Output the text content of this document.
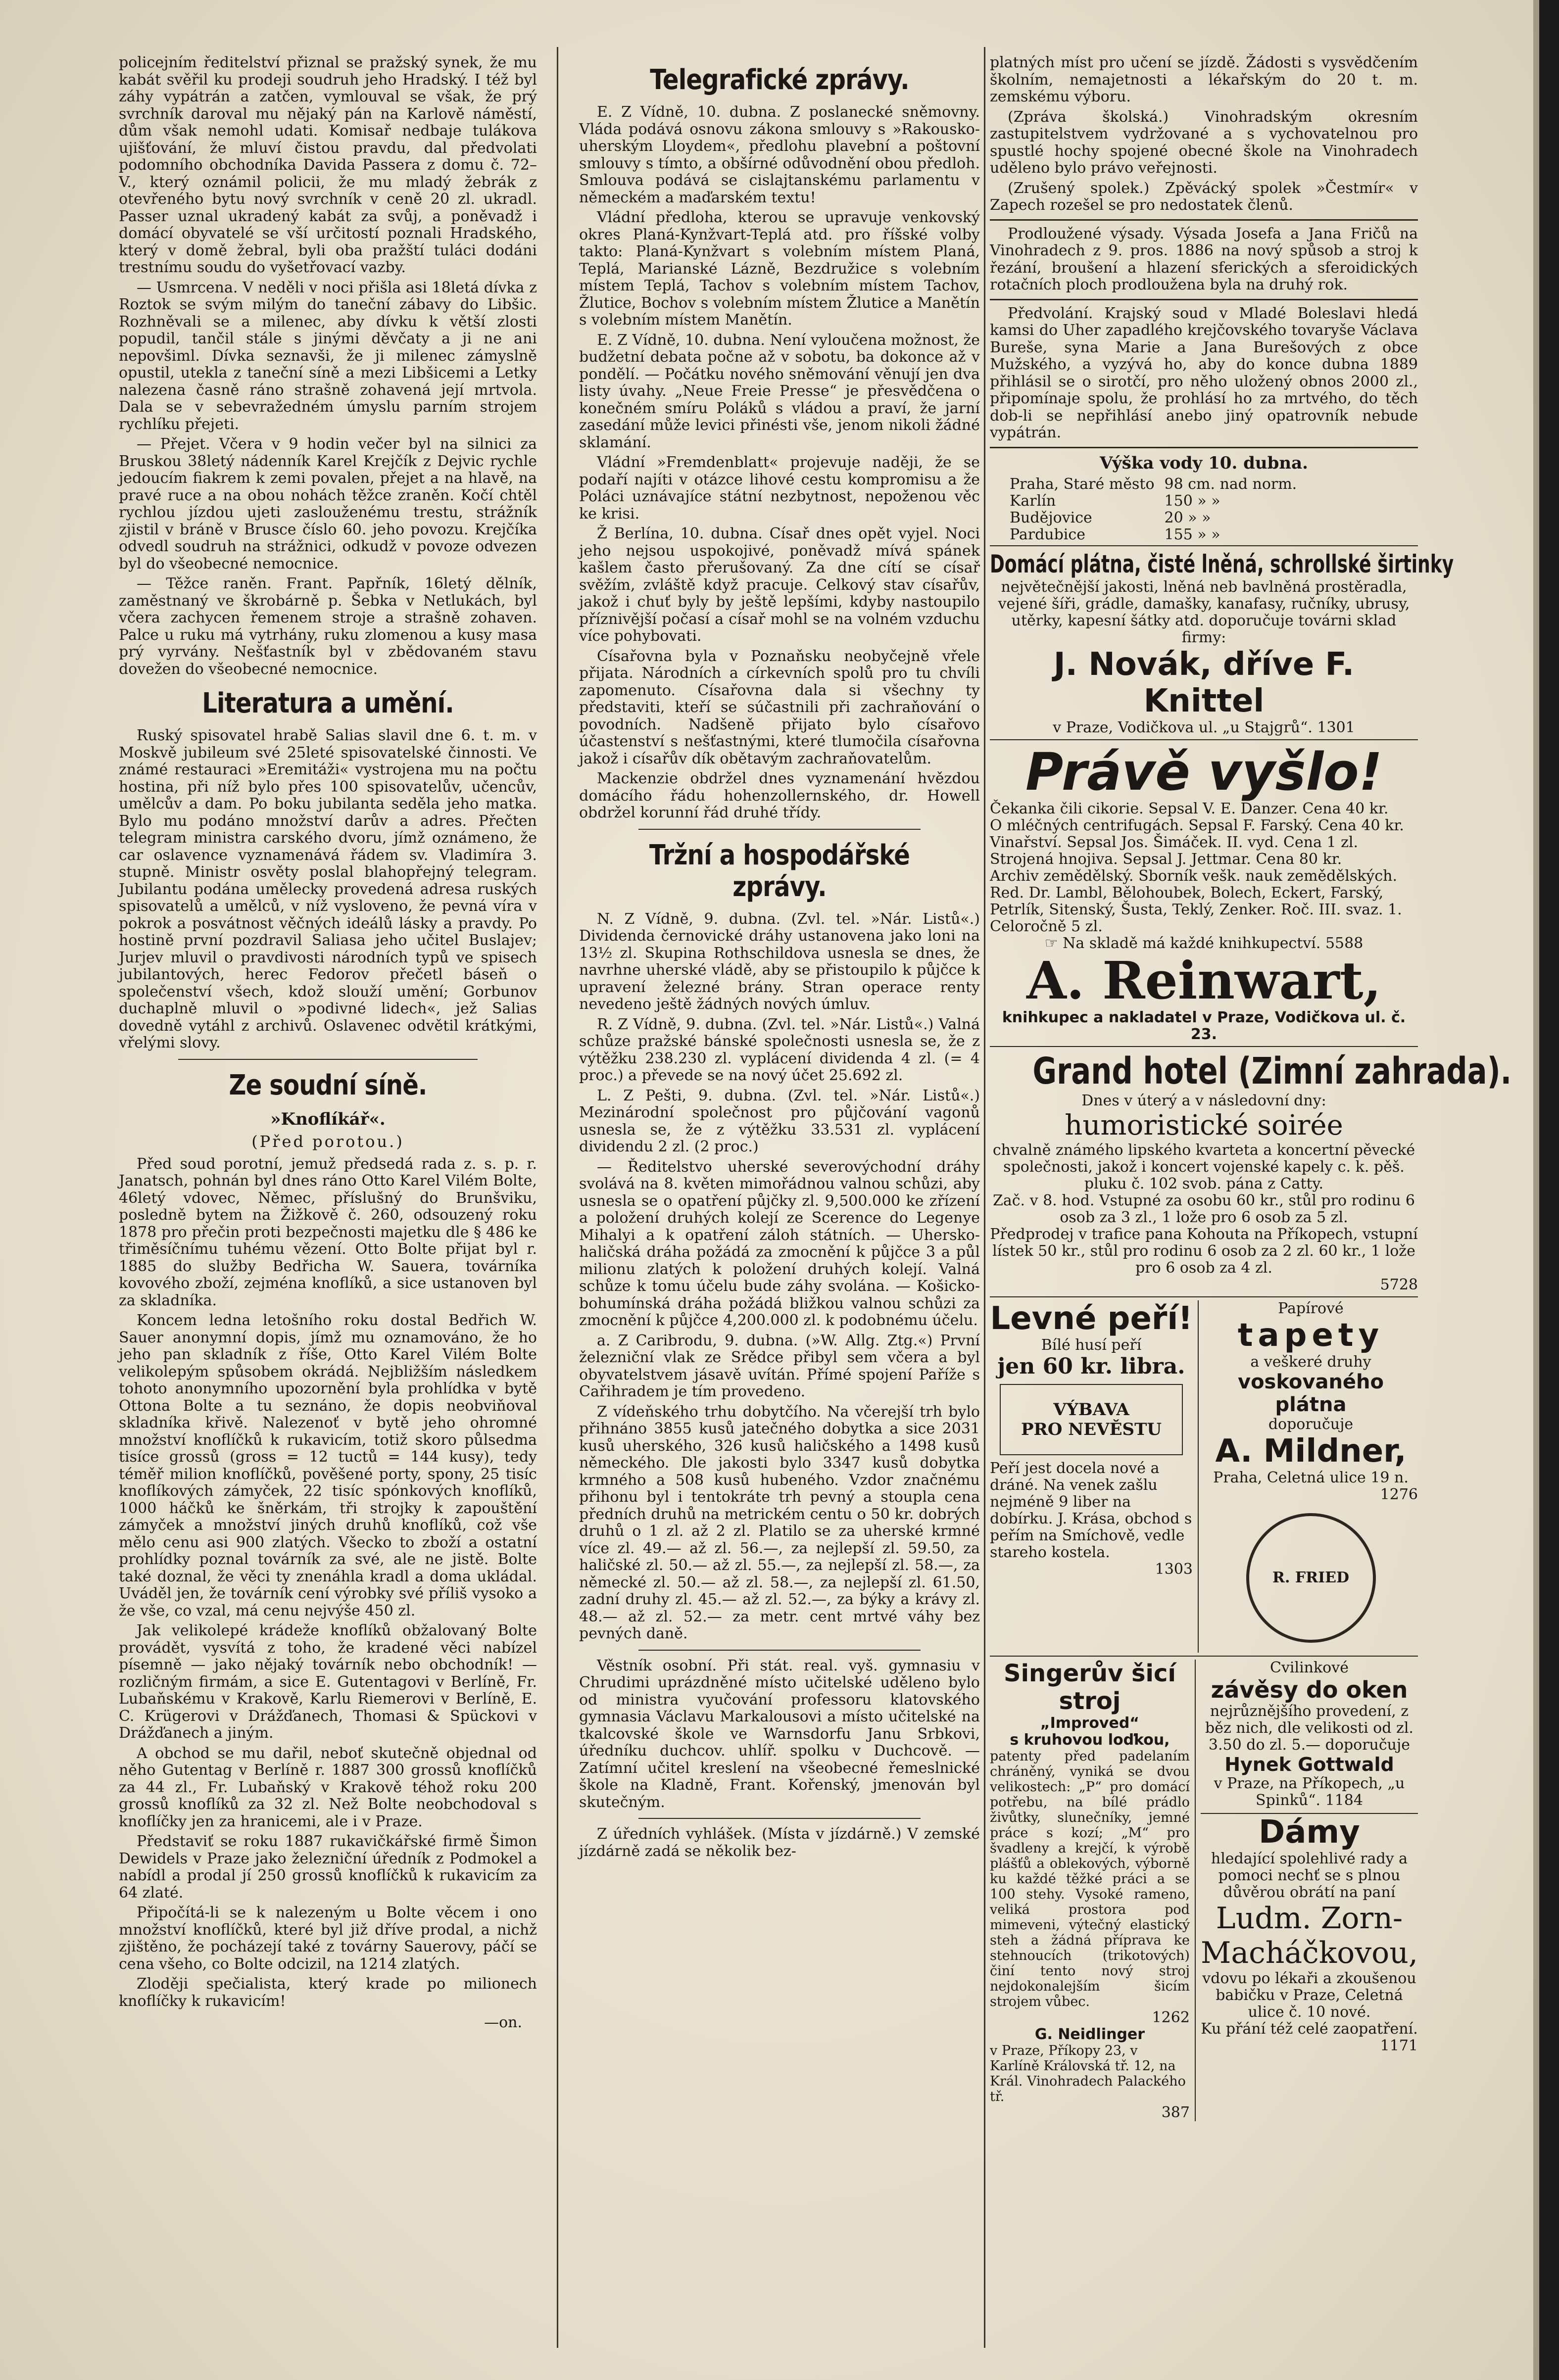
policejním ředitelství přiznal se pražský synek, že mu kabát svěřil ku prodeji soudruh jeho Hradský. I též byl záhy vypátrán a zatčen, vymlouval se však, že prý svrchník daroval mu nějaký pán na Karlově náměstí, dům však nemohl udati. Komisař nedbaje tulákova ujišťování, že mluví čistou pravdu, dal předvolati podomního obchodníka Davida Passera z domu č. 72–V., který oznámil policii, že mu mladý žebrák z otevřeného bytu nový svrchník v ceně 20 zl. ukradl. Passer uznal ukradený kabát za svůj, a poněvadž i domácí obyvatelé se vší určitostí poznali Hradského, který v domě žebral, byli oba pražští tuláci dodáni trestnímu soudu do vyšetřovací vazby.

— Usmrcena. V neděli v noci přišla asi 18letá dívka z Roztok se svým milým do taneční zábavy do Libšic. Rozhněvali se a milenec, aby dívku k větší zlosti popudil, tančil stále s jinými děvčaty a ji ne ani nepovšiml. Dívka seznavši, že ji milenec zámyslně opustil, utekla z taneční síně a mezi Libšicemi a Letky nalezena časně ráno strašně zohavená její mrtvola. Dala se v sebevražedném úmyslu parním strojem rychlíku přejeti.

— Přejet. Včera v 9 hodin večer byl na silnici za Bruskou 38letý nádenník Karel Krejčík z Dejvic rychle jedoucím fiakrem k zemi povalen, přejet a na hlavě, na pravé ruce a na obou nohách těžce zraněn. Kočí chtěl rychlou jízdou ujeti zaslouženému trestu, strážník zjistil v bráně v Brusce číslo 60. jeho povozu. Krejčíka odvedl soudruh na strážnici, odkudž v povoze odvezen byl do všeobecné nemocnice.

— Těžce raněn. Frant. Papřník, 16letý dělník, zaměstnaný ve škrobárně p. Šebka v Netlukách, byl včera zachycen řemenem stroje a strašně zohaven. Palce u ruku má vytrhány, ruku zlomenou a kusy masa prý vyrvány. Nešťastník byl v zbědovaném stavu dovežen do všeobecné nemocnice.

Literatura a umění.

Ruský spisovatel hrabě Salias slavil dne 6. t. m. v Moskvě jubileum své 25leté spisovatelské činnosti. Ve známé restauraci »Eremitáži« vystrojena mu na počtu hostina, při níž bylo přes 100 spisovatelův, učencův, umělcův a dam. Po boku jubilanta seděla jeho matka. Bylo mu podáno množství darův a adres. Přečten telegram ministra carského dvoru, jímž oznámeno, že car oslavence vyznamenává řádem sv. Vladimíra 3. stupně. Ministr osvěty poslal blahopřejný telegram. Jubilantu podána umělecky provedená adresa ruských spisovatelů a umělců, v níž vysloveno, že pevná víra v pokrok a posvátnost věčných ideálů lásky a pravdy. Po hostině první pozdravil Saliasa jeho učitel Buslajev; Jurjev mluvil o pravdivosti národních typů ve spisech jubilantových, herec Fedorov přečetl báseň o společenství všech, kdož slouží umění; Gorbunov duchaplně mluvil o »podivné lidech«, jež Salias dovedně vytáhl z archivů. Oslavenec odvětil krátkými, vřelými slovy.

Ze soudní síně.
»Knoflíkář«.
(Před porotou.)

Před soud porotní, jemuž předsedá rada z. s. p. r. Janatsch, pohnán byl dnes ráno Otto Karel Vilém Bolte, 46letý vdovec, Němec, příslušný do Brunšviku, posledně bytem na Žižkově č. 260, odsouzený roku 1878 pro přečin proti bezpečnosti majetku dle § 486 ke třiměsíčnímu tuhému vězení. Otto Bolte přijat byl r. 1885 do služby Bedřicha W. Sauera, továrníka kovového zboží, zejména knoflíků, a sice ustanoven byl za skladníka.

Koncem ledna letošního roku dostal Bedřich W. Sauer anonymní dopis, jímž mu oznamováno, že ho jeho pan skladník z říše, Otto Karel Vilém Bolte velikolepým spůsobem okrádá. Nejbližším následkem tohoto anonymního upozornění byla prohlídka v bytě Ottona Bolte a tu seznáno, že dopis neobviňoval skladníka křivě. Nalezenoť v bytě jeho ohromné množství knoflíčků k rukavicím, totiž skoro půlsedma tisíce grossů (gross = 12 tuctů = 144 kusy), tedy téměř milion knoflíčků, pověšené porty, spony, 25 tisíc knoflíkových zámyček, 22 tisíc spónkových knoflíků, 1000 háčků ke šněrkám, tři strojky k zapouštění zámyček a množství jiných druhů knoflíků, což vše mělo cenu asi 900 zlatých. Všecko to zboží a ostatní prohlídky poznal továrník za své, ale ne jistě. Bolte také doznal, že věci ty znenáhla kradl a doma ukládal. Uváděl jen, že továrník cení výrobky své příliš vysoko a že vše, co vzal, má cenu nejvýše 450 zl.

Jak velikolepé krádeže knoflíků obžalovaný Bolte provádět, vysvítá z toho, že kradené věci nabízel písemně — jako nějaký továrník nebo obchodník! — rozličným firmám, a sice E. Gutentagovi v Berlíně, Fr. Lubaňskému v Krakově, Karlu Riemerovi v Berlíně, E. C. Krügerovi v Drážďanech, Thomasi & Spückovi v Drážďanech a jiným.

A obchod se mu dařil, neboť skutečně objednal od něho Gutentag v Berlíně r. 1887 300 grossů knoflíčků za 44 zl., Fr. Lubaňský v Krakově téhož roku 200 grossů knoflíků za 32 zl. Než Bolte neobchodoval s knoflíčky jen za hranicemi, ale i v Praze.

Představiť se roku 1887 rukavičkářské firmě Šimon Dewidels v Praze jako železniční úředník z Podmokel a nabídl a prodal jí 250 grossů knoflíčků k rukavicím za 64 zlaté.

Připočítá-li se k nalezeným u Bolte věcem i ono množství knoflíčků, které byl již dříve prodal, a nichž zjištěno, že pocházejí také z továrny Sauerovy, páčí se cena všeho, co Bolte odcizil, na 1214 zlatých.

Zloději spečialista, který krade po milionech knoflíčky k rukavicím!

—on.
Telegrafické zprávy.

E. Z Vídně, 10. dubna. Z poslanecké sněmovny. Vláda podává osnovu zákona smlouvy s »Rakousko-uherským Lloydem«, předlohu plavební a poštovní smlouvy s tímto, a obšírné odůvodnění obou předloh. Smlouva podává se cislajtanskému parlamentu v německém a maďarském textu!

Vládní předloha, kterou se upravuje venkovský okres Planá-Kynžvart-Teplá atd. pro říšské volby takto: Planá-Kynžvart s volebním místem Planá, Teplá, Marianské Lázně, Bezdružice s volebním místem Teplá, Tachov s volebním místem Tachov, Žlutice, Bochov s volebním místem Žlutice a Manětín s volebním místem Manětín.

E. Z Vídně, 10. dubna. Není vyloučena možnost, že budžetní debata počne až v sobotu, ba dokonce až v pondělí. — Počátku nového sněmování věnují jen dva listy úvahy. „Neue Freie Presse“ je přesvědčena o konečném smíru Poláků s vládou a praví, že jarní zasedání může levici přinésti vše, jenom nikoli žádné sklamání.

Vládní »Fremdenblatt« projevuje naději, že se podaří najíti v otázce lihové cestu kompromisu a že Poláci uznávajíce státní nezbytnost, nepoženou věc ke krisi.

Ž Berlína, 10. dubna. Císař dnes opět vyjel. Noci jeho nejsou uspokojivé, poněvadž mívá spánek kašlem často přerušovaný. Za dne cítí se císař svěžím, zvláště když pracuje. Celkový stav císařův, jakož i chuť byly by ještě lepšími, kdyby nastoupilo příznivější počasí a císař mohl se na volném vzduchu více pohybovati.

Císařovna byla v Poznaňsku neobyčejně vřele přijata. Národních a církevních spolů pro tu chvíli zapomenuto. Císařovna dala si všechny ty představiti, kteří se súčastnili při zachraňování o povodních. Nadšeně přijato bylo císařovo účastenství s nešťastnými, které tlumočila císařovna jakož i císařův dík obětavým zachraňovatelům.

Mackenzie obdržel dnes vyznamenání hvězdou domácího řádu hohenzollernského, dr. Howell obdržel korunní řád druhé třídy.

Tržní a hospodářské zprávy.

N. Z Vídně, 9. dubna. (Zvl. tel. »Nár. Listů«.) Dividenda černovické dráhy ustanovena jako loni na 13½ zl. Skupina Rothschildova usnesla se dnes, že navrhne uherské vládě, aby se přistoupilo k půjčce k upravení železné brány. Stran operace renty nevedeno ještě žádných nových úmluv.

R. Z Vídně, 9. dubna. (Zvl. tel. »Nár. Listů«.) Valná schůze pražské bánské společnosti usnesla se, že z výtěžku 238.230 zl. vyplácení dividenda 4 zl. (= 4 proc.) a převede se na nový účet 25.692 zl.

L. Z Pešti, 9. dubna. (Zvl. tel. »Nár. Listů«.) Mezinárodní společnost pro půjčování vagonů usnesla se, že z výtěžku 33.531 zl. vyplácení dividendu 2 zl. (2 proc.)

— Ředitelstvo uherské severovýchodní dráhy svolává na 8. květen mimořádnou valnou schůzi, aby usnesla se o opatření půjčky zl. 9,500.000 ke zřízení a položení druhých kolejí ze Scerence do Legenye Mihalyi a k opatření záloh státních. — Uhersko-haličská dráha požádá za zmocnění k půjčce 3 a půl milionu zlatých k položení druhých kolejí. Valná schůze k tomu účelu bude záhy svolána. — Košicko-bohumínská dráha požádá bližkou valnou schůzi za zmocnění k půjčce 4,200.000 zl. k podobnému účelu.

a. Z Caribrodu, 9. dubna. (»W. Allg. Ztg.«) První železniční vlak ze Srědce přibyl sem včera a byl obyvatelstvem jásavě uvítán. Přímé spojení Paříže s Cařihradem je tím provedeno.

Z vídeňského trhu dobytčího. Na včerejší trh bylo přihnáno 3855 kusů jatečného dobytka a sice 2031 kusů uherského, 326 kusů haličského a 1498 kusů německého. Dle jakosti bylo 3347 kusů dobytka krmného a 508 kusů hubeného. Vzdor značnému přihonu byl i tentokráte trh pevný a stoupla cena předních druhů na metrickém centu o 50 kr. dobrých druhů o 1 zl. až 2 zl. Platilo se za uherské krmné více zl. 49.— až zl. 56.—, za nejlepší zl. 59.50, za haličské zl. 50.— až zl. 55.—, za nejlepší zl. 58.—, za německé zl. 50.— až zl. 58.—, za nejlepší zl. 61.50, zadní druhy zl. 45.— až zl. 52.—, za býky a krávy zl. 48.— až zl. 52.— za metr. cent mrtvé váhy bez pevných daně.

Věstník osobní. Při stát. real. vyš. gymnasiu v Chrudimi uprázdněné místo učitelské uděleno bylo od ministra vyučování professoru klatovského gymnasia Václavu Markalousovi a místo učitelské na tkalcovské škole ve Warnsdorfu Janu Srbkovi, úředníku duchcov. uhlíř. spolku v Duchcově. — Zatímní učitel kreslení na všeobecné řemeslnické škole na Kladně, Frant. Kořenský, jmenován byl skutečným.

Z úředních vyhlášek. (Místa v jízdárně.) V zemské jízdárně zadá se několik bez-

platných míst pro učení se jízdě. Žádosti s vysvědčením školním, nemajetnosti a lékařským do 20 t. m. zemskému výboru.

(Zpráva školská.) Vinohradským okresním zastupitelstvem vydržované a s vychovatelnou pro spustlé hochy spojené obecné škole na Vinohradech uděleno bylo právo veřejnosti.

(Zrušený spolek.) Zpěvácký spolek »Čestmír« v Zapech rozešel se pro nedostatek členů.

Prodloužené výsady. Výsada Josefa a Jana Fričů na Vinohradech z 9. pros. 1886 na nový spůsob a stroj k řezání, broušení a hlazení sferických a sferoidických rotačních ploch prodloužena byla na druhý rok.

Předvolání. Krajský soud v Mladé Boleslavi hledá kamsi do Uher zapadlého krejčovského tovaryše Václava Bureše, syna Marie a Jana Burešových z obce Mužského, a vyzývá ho, aby do konce dubna 1889 přihlásil se o sirotčí, pro něho uložený obnos 2000 zl., připomínaje spolu, že prohlásí ho za mrtvého, do těch dob-li se nepřihlásí anebo jiný opatrovník nebude vypátrán.

Výška vody 10. dubna.
Praha, Staré město	98 cm. nad norm.
Karlín	150 » »
Budějovice	20 » »
Pardubice	155 » »
Domácí plátna, čisté lněná, schrollské širtinky
největečnější jakosti, lněná neb bavlněná prostěradla, vejené šíři, grádle, damašky, kanafasy, ručníky, ubrusy, utěrky, kapesní šátky atd. doporučuje továrni sklad firmy:
J. Novák, dříve F. Knittel
v Praze, Vodičkova ul. „u Stajgrů“. 1301
Právě vyšlo!
Čekanka čili cikorie. Sepsal V. E. Danzer. Cena 40 kr.
O mléčných centrifugách. Sepsal F. Farský. Cena 40 kr.
Vinařství. Sepsal Jos. Šimáček. II. vyd. Cena 1 zl.
Strojená hnojiva. Sepsal J. Jettmar. Cena 80 kr.
Archiv zemědělský. Sborník vešk. nauk zemědělských. Red. Dr. Lambl, Bělohoubek, Bolech, Eckert, Farský, Petrlík, Sitenský, Šusta, Teklý, Zenker. Roč. III. svaz. 1. Celoročně 5 zl.
☞ Na skladě má každé knihkupectví. 5588
A. Reinwart,
knihkupec a nakladatel v Praze, Vodičkova ul. č. 23.
Grand hotel (Zimní zahrada).
Dnes v úterý a v následovní dny:
humoristické soirée
chvalně známého lipského kvarteta a koncertní pěvecké společnosti, jakož i koncert vojenské kapely c. k. pěš. pluku č. 102 svob. pána z Catty.
Zač. v 8. hod. Vstupné za osobu 60 kr., stůl pro rodinu 6 osob za 3 zl., 1 lože pro 6 osob za 5 zl.
Předprodej v trafice pana Kohouta na Příkopech, vstupní lístek 50 kr., stůl pro rodinu 6 osob za 2 zl. 60 kr., 1 lože pro 6 osob za 4 zl.
5728
Levné peří!
Bílé husí peří
jen 60 kr. libra.
VÝBAVA
PRO NEVĚSTU
Peří jest docela nové a dráné. Na venek zašlu nejméně 9 liber na dobírku. J. Krása, obchod s peřím na Smíchově, vedle stareho kostela.
1303
Papírové
tapety
a veškeré druhy
voskovaného plátna
doporučuje
A. Mildner,
Praha, Celetná ulice 19 n.
1276
R. FRIED
Singerův šicí stroj
„Improved“
s kruhovou loďkou,
patenty před padelaním chráněný, vyniká se dvou velikostech: „P“ pro domácí potřebu, na bílé prádlo živůtky, slunečníky, jemné práce s kozí; „M“ pro švadleny a krejčí, k výrobě plášťů a oblekových, výborně ku každé těžké práci a se 100 stehy. Vysoké rameno, veliká prostora pod mimeveni, výtečný elastický steh a žádná příprava ke stehnoucích (trikotových) činí tento nový stroj nejdokonalejším šicím strojem vůbec.
1262
G. Neidlinger
v Praze, Příkopy 23, v Karlíně Královská tř. 12, na Král. Vinohradech Palackého tř.
387
Cvilinkové
závěsy do oken
nejrůznějšího provedení, z běz nich, dle velikosti od zl. 3.50 do zl. 5.— doporučuje
Hynek Gottwald
v Praze, na Příkopech, „u Spinků“. 1184
Dámy
hledající spolehlivé rady a pomoci nechť se s plnou důvěrou obrátí na paní
Ludm. Zorn-Macháčkovou,
vdovu po lékaři a zkoušenou babičku v Praze, Celetná ulice č. 10 nové.
Ku přání též celé zaopatření.
1171
